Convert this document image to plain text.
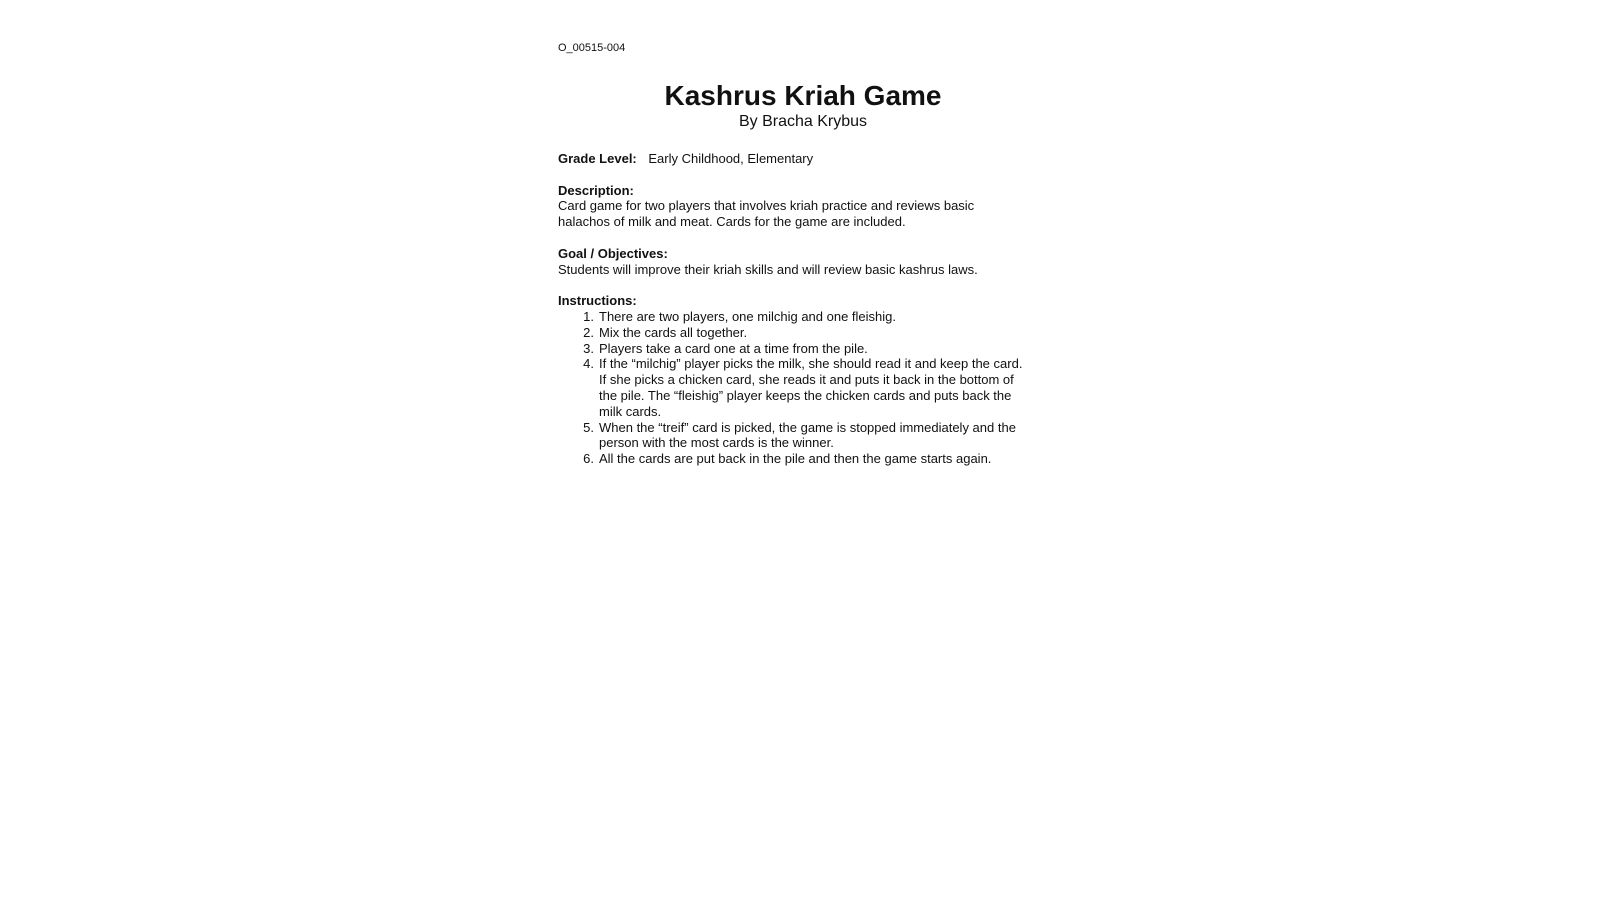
O_00515-004
Kashrus Kriah Game
By Bracha Krybus
Grade Level: Early Childhood, Elementary
Description:
Card game for two players that involves kriah practice and reviews basic
halachos of milk and meat. Cards for the game are included.
Goal / Objectives:
Students will improve their kriah skills and will review basic kashrus laws.
Instructions:
1. There are two players, one milchig and one fleishig.
2. Mix the cards all together.
3. Players take a card one at a time from the pile.
4. If the “milchig” player picks the milk, she should read it and keep the card.
If she picks a chicken card, she reads it and puts it back in the bottom of
the pile. The “fleishig” player keeps the chicken cards and puts back the
milk cards.
5. When the “treif” card is picked, the game is stopped immediately and the
person with the most cards is the winner.
6. All the cards are put back in the pile and then the game starts again.
